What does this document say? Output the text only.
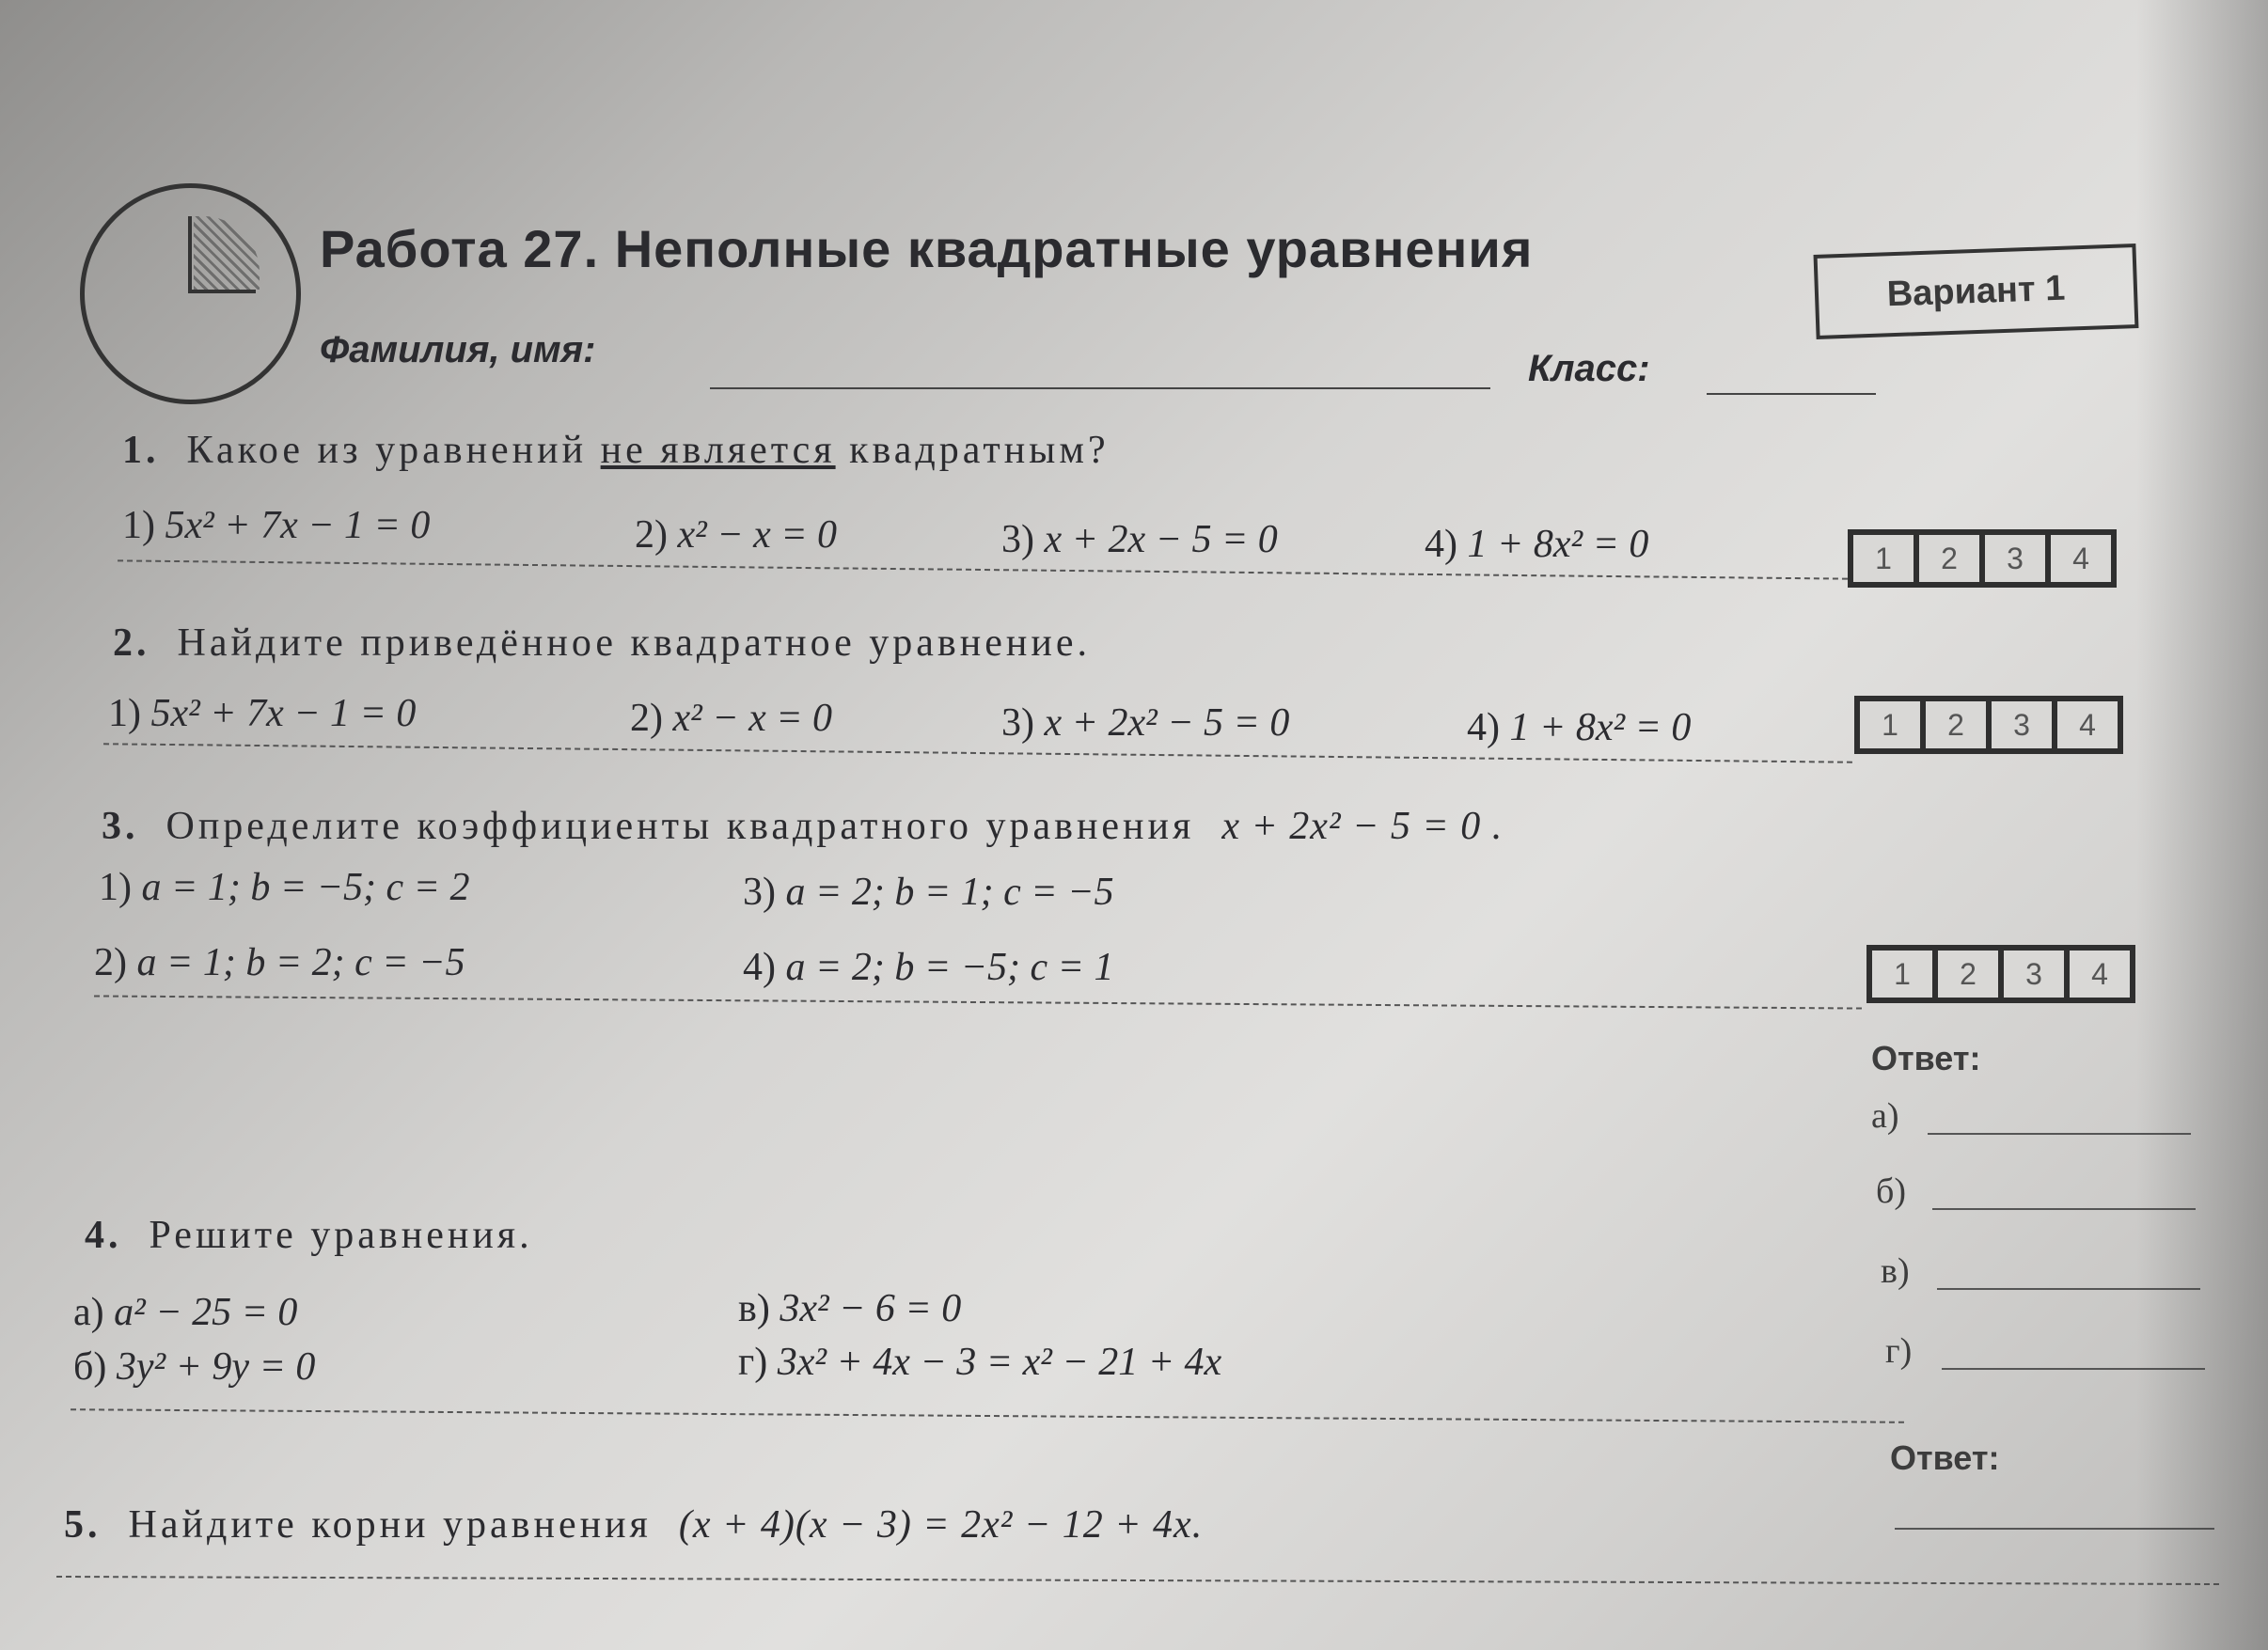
Работа 27. Неполные квадратные уравнения
Вариант 1
Фамилия, имя:	Класс:
1. Какое из уравнений не является квадратным?
1) 5x² + 7x − 1 = 0	2) x² − x = 0	3) x + 2x − 5 = 0	4) 1 + 8x² = 0	1	2	3	4
2. Найдите приведённое квадратное уравнение.
1) 5x² + 7x − 1 = 0	2) x² − x = 0	3) x + 2x² − 5 = 0	4) 1 + 8x² = 0	1	2	3	4
3. Определите коэффициенты квадратного уравнения x + 2x² − 5 = 0 .
1) a = 1; b = −5; c = 2
2) a = 1; b = 2; c = −5
3) a = 2; b = 1; c = −5
4) a = 2; b = −5; c = 1	1	2	3	4
Ответ:
а)
б)
в)
г)
4. Решите уравнения.
а) a² − 25 = 0
б) 3y² + 9y = 0
в) 3x² − 6 = 0
г) 3x² + 4x − 3 = x² − 21 + 4x
Ответ:
5. Найдите корни уравнения (x + 4)(x − 3) = 2x² − 12 + 4x.
